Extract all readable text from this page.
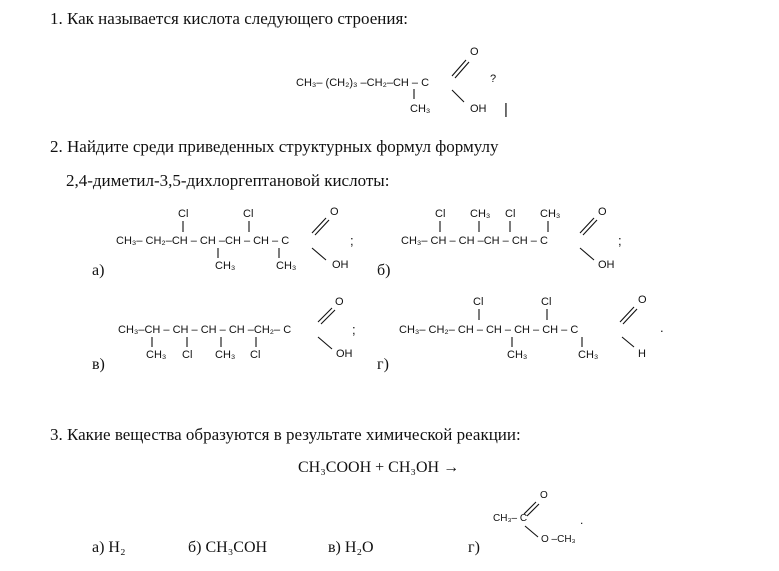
1. Как называется кислота следующего строения:
CH₃– (CH₂)₃ –CH₂–CH – C
O
?
CH₃	OH |
2. Найдите среди приведенных структурных формул формулу
2,4-диметил-3,5-дихлоргептановой кислоты:
Cl	Cl
CH₃– CH₂–CH – CH –CH – CH – C
CH₃	CH₃
O
OH
;
а)
Cl CH₃ Cl CH₃
CH₃– CH – CH –CH – CH – C
O
OH
;
б)
CH₃–CH – CH – CH – CH –CH₂– C
CH₃ Cl CH₃ Cl
O
OH
;
в)
Cl	Cl
CH₃– CH₂– CH – CH – CH – CH – C
CH₃	CH₃
O
H
.
г)
3. Какие вещества образуются в результате химической реакции:
CH₃COOH + CH₃OH →
а) H₂	б) CH₃COH	в) H₂O	г)
CH₃– C
O
O –CH₃
.
